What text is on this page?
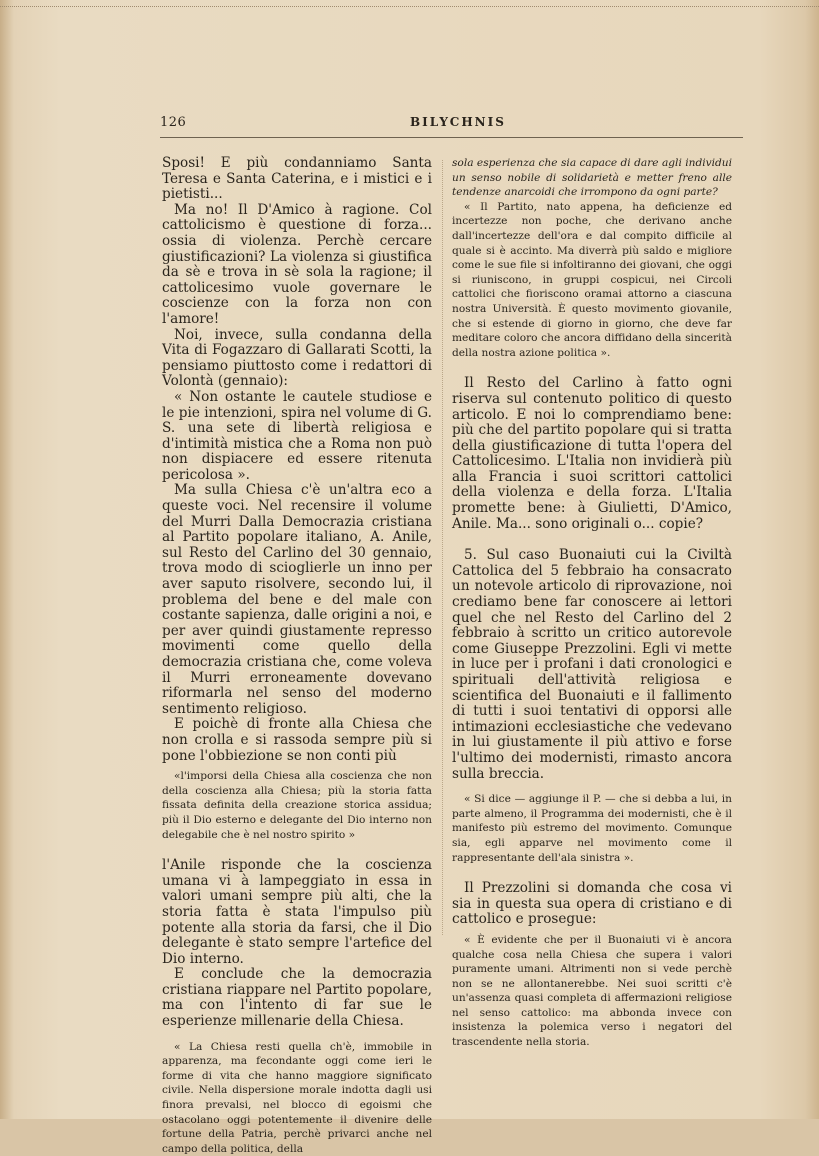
126	BILYCHNIS

Sposi! E più condanniamo Santa Teresa e Santa Caterina, e i mistici e i pietisti...

Ma no! Il D'Amico à ragione. Col cattolicismo è questione di forza... ossia di violenza. Perchè cercare giustificazioni? La violenza si giustifica da sè e trova in sè sola la ragione; il cattolicesimo vuole governare le coscienze con la forza non con l'amore!

Noi, invece, sulla condanna della Vita di Fogazzaro di Gallarati Scotti, la pensiamo piuttosto come i redattori di Volontà (gennaio):

« Non ostante le cautele studiose e le pie intenzioni, spira nel volume di G. S. una sete di libertà religiosa e d'intimità mistica che a Roma non può non dispiacere ed essere ritenuta pericolosa ».

Ma sulla Chiesa c'è un'altra eco a queste voci. Nel recensire il volume del Murri Dalla Democrazia cristiana al Partito popolare italiano, A. Anile, sul Resto del Carlino del 30 gennaio, trova modo di scioglierle un inno per aver saputo risolvere, secondo lui, il problema del bene e del male con costante sapienza, dalle origini a noi, e per aver quindi giustamente represso movimenti come quello della democrazia cristiana che, come voleva il Murri erroneamente dovevano riformarla nel senso del moderno sentimento religioso.

E poichè di fronte alla Chiesa che non crolla e si rassoda sempre più si pone l'obbiezione se non conti più

«l'imporsi della Chiesa alla coscienza che non della coscienza alla Chiesa; più la storia fatta fissata definita della creazione storica assidua; più il Dio esterno e delegante del Dio interno non delegabile che è nel nostro spirito »

l'Anile risponde che la coscienza umana vi à lampeggiato in essa in valori umani sempre più alti, che la storia fatta è stata l'impulso più potente alla storia da farsi, che il Dio delegante è stato sempre l'artefice del Dio interno.

E conclude che la democrazia cristiana riappare nel Partito popolare, ma con l'intento di far sue le esperienze millenarie della Chiesa.

« La Chiesa resti quella ch'è, immobile in apparenza, ma fecondante oggi come ieri le forme di vita che hanno maggiore significato civile. Nella dispersione morale indotta dagli usi finora prevalsi, nel blocco di egoismi che ostacolano oggi potentemente il divenire delle fortune della Patria, perchè privarci anche nel campo della politica, della

sola esperienza che sia capace di dare agli individui un senso nobile di solidarietà e metter freno alle tendenze anarcoidi che irrompono da ogni parte?

« Il Partito, nato appena, ha deficienze ed incertezze non poche, che derivano anche dall'incertezze dell'ora e dal compito difficile al quale si è accinto. Ma diverrà più saldo e migliore come le sue file si infoltiranno dei giovani, che oggi si riuniscono, in gruppi cospicui, nei Circoli cattolici che fioriscono oramai attorno a ciascuna nostra Università. È questo movimento giovanile, che si estende di giorno in giorno, che deve far meditare coloro che ancora diffidano della sincerità della nostra azione politica ».

Il Resto del Carlino à fatto ogni riserva sul contenuto politico di questo articolo. E noi lo comprendiamo bene: più che del partito popolare qui si tratta della giustificazione di tutta l'opera del Cattolicesimo. L'Italia non invidierà più alla Francia i suoi scrittori cattolici della violenza e della forza. L'Italia promette bene: à Giulietti, D'Amico, Anile. Ma... sono originali o... copie?

5. Sul caso Buonaiuti cui la Civiltà Cattolica del 5 febbraio ha consacrato un notevole articolo di riprovazione, noi crediamo bene far conoscere ai lettori quel che nel Resto del Carlino del 2 febbraio à scritto un critico autorevole come Giuseppe Prezzolini. Egli vi mette in luce per i profani i dati cronologici e spirituali dell'attività religiosa e scientifica del Buonaiuti e il fallimento di tutti i suoi tentativi di opporsi alle intimazioni ecclesiastiche che vedevano in lui giustamente il più attivo e forse l'ultimo dei modernisti, rimasto ancora sulla breccia.

« Si dice — aggiunge il P. — che si debba a lui, in parte almeno, il Programma dei modernisti, che è il manifesto più estremo del movimento. Comunque sia, egli apparve nel movimento come il rappresentante dell'ala sinistra ».

Il Prezzolini si domanda che cosa vi sia in questa sua opera di cristiano e di cattolico e prosegue:

« È evidente che per il Buonaiuti vi è ancora qualche cosa nella Chiesa che supera i valori puramente umani. Altrimenti non si vede perchè non se ne allontanerebbe. Nei suoi scritti c'è un'assenza quasi completa di affermazioni religiose nel senso cattolico: ma abbonda invece con insistenza la polemica verso i negatori del trascendente nella storia.
